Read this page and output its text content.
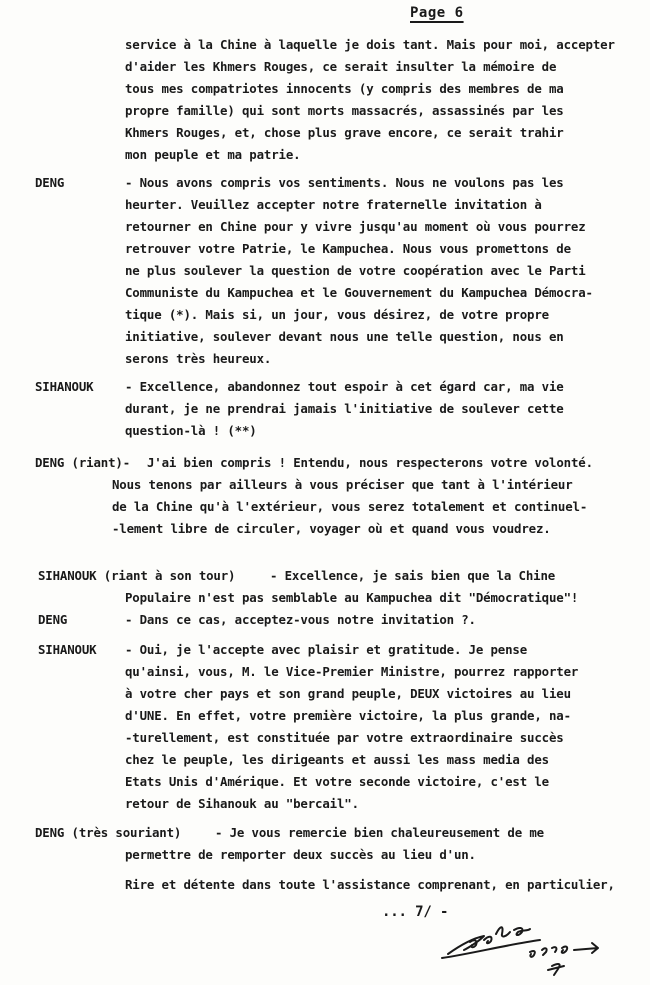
Page 6
service à la Chine à laquelle je dois tant. Mais pour moi, accepter
d'aider les Khmers Rouges, ce serait insulter la mémoire de
tous mes compatriotes innocents (y compris des membres de ma
propre famille) qui sont morts massacrés, assassinés par les
Khmers Rouges, et, chose plus grave encore, ce serait trahir
mon peuple et ma patrie.
DENG	- Nous avons compris vos sentiments. Nous ne voulons pas les
heurter. Veuillez accepter notre fraternelle invitation à
retourner en Chine pour y vivre jusqu'au moment où vous pourrez
retrouver votre Patrie, le Kampuchea. Nous vous promettons de
ne plus soulever la question de votre coopération avec le Parti
Communiste du Kampuchea et le Gouvernement du Kampuchea Démocra-
tique (*). Mais si, un jour, vous désirez, de votre propre
initiative, soulever devant nous une telle question, nous en
serons très heureux.
SIHANOUK	- Excellence, abandonnez tout espoir à cet égard car, ma vie
durant, je ne prendrai jamais l'initiative de soulever cette
question-là ! (**)
DENG (riant)- J'ai bien compris ! Entendu, nous respecterons votre volonté.
Nous tenons par ailleurs à vous préciser que tant à l'intérieur
de la Chine qu'à l'extérieur, vous serez totalement et continuel-
-lement libre de circuler, voyager où et quand vous voudrez.
SIHANOUK (riant à son tour)	- Excellence, je sais bien que la Chine
Populaire n'est pas semblable au Kampuchea dit "Démocratique"!
DENG	- Dans ce cas, acceptez-vous notre invitation ?.
SIHANOUK - Oui, je l'accepte avec plaisir et gratitude. Je pense
qu'ainsi, vous, M. le Vice-Premier Ministre, pourrez rapporter
à votre cher pays et son grand peuple, DEUX victoires au lieu
d'UNE. En effet, votre première victoire, la plus grande, na-
-turellement, est constituée par votre extraordinaire succès
chez le peuple, les dirigeants et aussi les mass media des
Etats Unis d'Amérique. Et votre seconde victoire, c'est le
retour de Sihanouk au "bercail".
DENG (très souriant)	- Je vous remercie bien chaleureusement de me
permettre de remporter deux succès au lieu d'un.
Rire et détente dans toute l'assistance comprenant, en particulier,
... 7/ -
